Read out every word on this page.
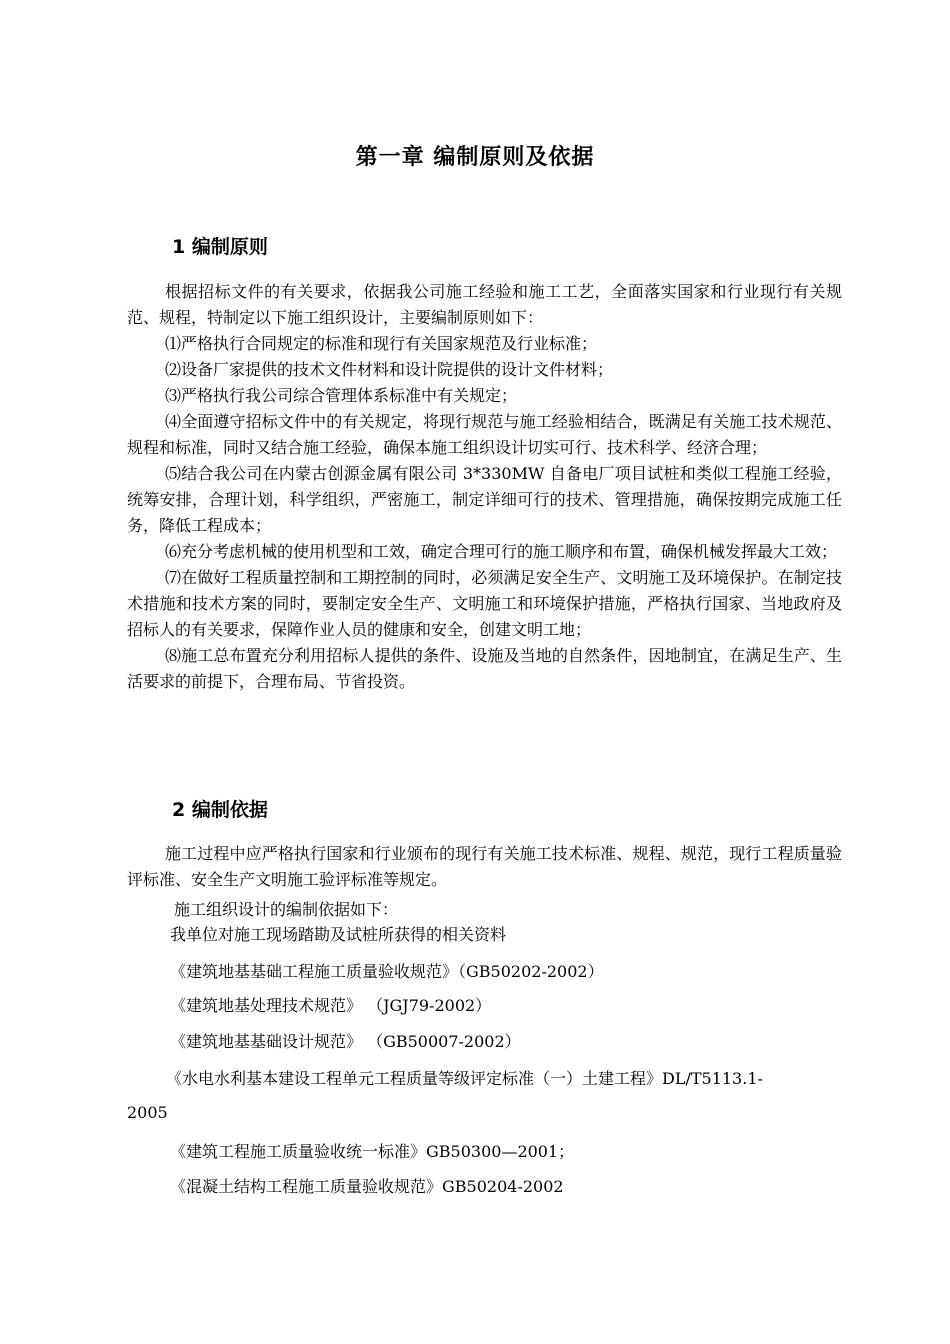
第一章 编制原则及依据
1 编制原则

根据招标文件的有关要求，依据我公司施工经验和施工工艺，全面落实国家和行业现行有关规范、规程，特制定以下施工组织设计，主要编制原则如下：

⑴严格执行合同规定的标准和现行有关国家规范及行业标准；

⑵设备厂家提供的技术文件材料和设计院提供的设计文件材料；

⑶严格执行我公司综合管理体系标准中有关规定；

⑷全面遵守招标文件中的有关规定，将现行规范与施工经验相结合，既满足有关施工技术规范、规程和标准，同时又结合施工经验，确保本施工组织设计切实可行、技术科学、经济合理；

⑸结合我公司在内蒙古创源金属有限公司 3*330MW 自备电厂项目试桩和类似工程施工经验，统筹安排，合理计划，科学组织，严密施工，制定详细可行的技术、管理措施，确保按期完成施工任务，降低工程成本；

⑹充分考虑机械的使用机型和工效，确定合理可行的施工顺序和布置，确保机械发挥最大工效；

⑺在做好工程质量控制和工期控制的同时，必须满足安全生产、文明施工及环境保护。在制定技术措施和技术方案的同时，要制定安全生产、文明施工和环境保护措施，严格执行国家、当地政府及招标人的有关要求，保障作业人员的健康和安全，创建文明工地；

⑻施工总布置充分利用招标人提供的条件、设施及当地的自然条件，因地制宜，在满足生产、生活要求的前提下，合理布局、节省投资。

2 编制依据

施工过程中应严格执行国家和行业颁布的现行有关施工技术标准、规程、规范，现行工程质量验评标准、安全生产文明施工验评标准等规定。

施工组织设计的编制依据如下：
我单位对施工现场踏勘及试桩所获得的相关资料
《建筑地基基础工程施工质量验收规范》（GB50202-2002）
《建筑地基处理技术规范》 （JGJ79-2002）
《建筑地基基础设计规范》 （GB50007-2002）
《水电水利基本建设工程单元工程质量等级评定标准（一）土建工程》DL/T5113.1-
2005
《建筑工程施工质量验收统一标准》GB50300—2001；
《混凝土结构工程施工质量验收规范》GB50204-2002
